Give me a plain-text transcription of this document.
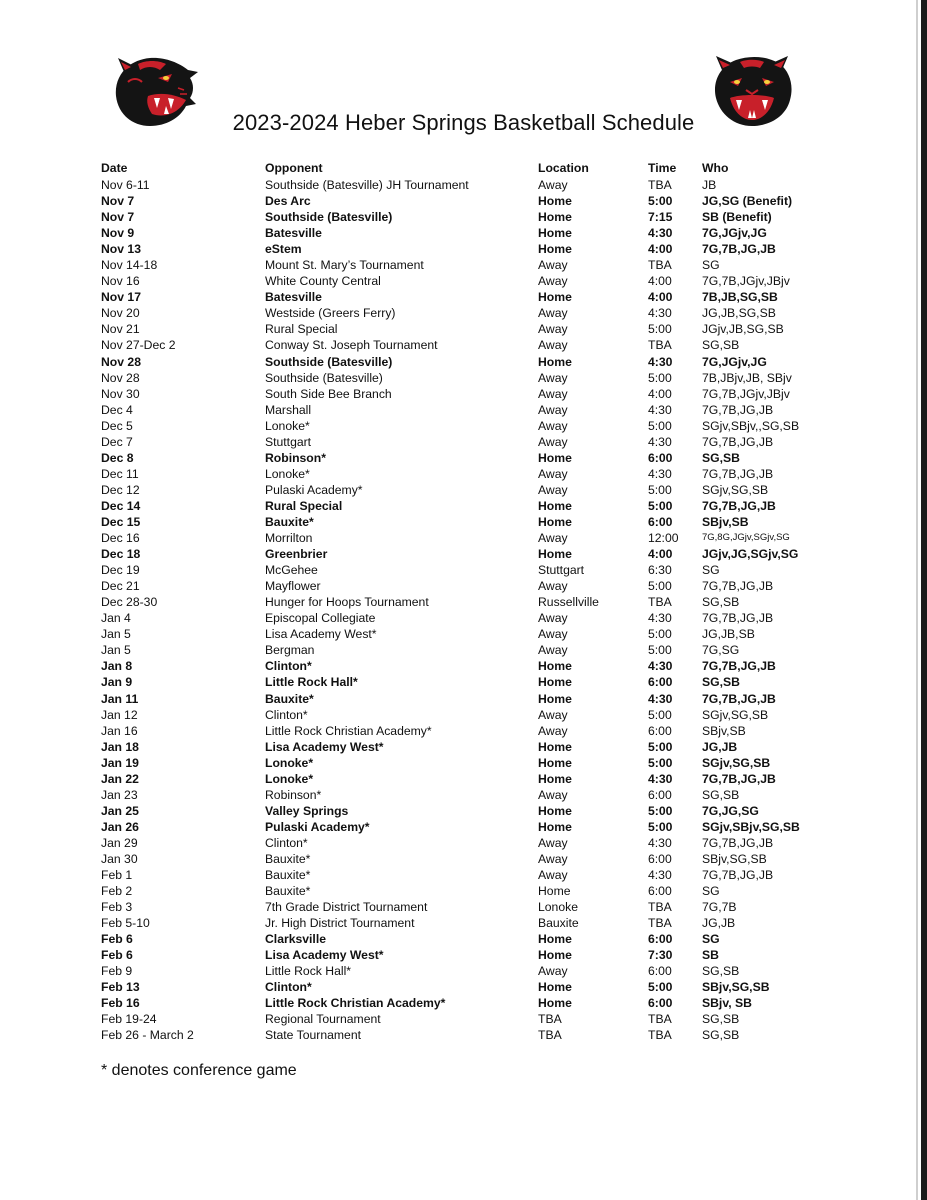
2023-2024 Heber Springs Basketball Schedule
Date	Opponent	Location	Time Who
Nov 6-11	Southside (Batesville) JH Tournament	Away	TBA JB
Nov 7	Des Arc	Home	5:00 JG,SG (Benefit)
Nov 7	Southside (Batesville)	Home	7:15 SB (Benefit)
Nov 9	Batesville	Home	4:30 7G,JGjv,JG
Nov 13	eStem	Home	4:00 7G,7B,JG,JB
Nov 14-18	Mount St. Mary’s Tournament	Away	TBA SG
Nov 16	White County Central	Away	4:00 7G,7B,JGjv,JBjv
Nov 17	Batesville	Home	4:00 7B,JB,SG,SB
Nov 20	Westside (Greers Ferry)	Away	4:30 JG,JB,SG,SB
Nov 21	Rural Special	Away	5:00 JGjv,JB,SG,SB
Nov 27-Dec 2	Conway St. Joseph Tournament	Away	TBA SG,SB
Nov 28	Southside (Batesville)	Home	4:30 7G,JGjv,JG
Nov 28	Southside (Batesville)	Away	5:00 7B,JBjv,JB, SBjv
Nov 30	South Side Bee Branch	Away	4:00 7G,7B,JGjv,JBjv
Dec 4	Marshall	Away	4:30 7G,7B,JG,JB
Dec 5	Lonoke*	Away	5:00 SGjv,SBjv,,SG,SB
Dec 7	Stuttgart	Away	4:30 7G,7B,JG,JB
Dec 8	Robinson*	Home	6:00 SG,SB
Dec 11	Lonoke*	Away	4:30 7G,7B,JG,JB
Dec 12	Pulaski Academy*	Away	5:00 SGjv,SG,SB
Dec 14	Rural Special	Home	5:00 7G,7B,JG,JB
Dec 15	Bauxite*	Home	6:00 SBjv,SB
Dec 16	Morrilton	Away	12:00 7G,8G,JGjv,SGjv,SG
Dec 18	Greenbrier	Home	4:00 JGjv,JG,SGjv,SG
Dec 19	McGehee	Stuttgart	6:30 SG
Dec 21	Mayflower	Away	5:00 7G,7B,JG,JB
Dec 28-30	Hunger for Hoops Tournament	Russellville	TBA SG,SB
Jan 4	Episcopal Collegiate	Away	4:30 7G,7B,JG,JB
Jan 5	Lisa Academy West*	Away	5:00 JG,JB,SB
Jan 5	Bergman	Away	5:00 7G,SG
Jan 8	Clinton*	Home	4:30 7G,7B,JG,JB
Jan 9	Little Rock Hall*	Home	6:00 SG,SB
Jan 11	Bauxite*	Home	4:30 7G,7B,JG,JB
Jan 12	Clinton*	Away	5:00 SGjv,SG,SB
Jan 16	Little Rock Christian Academy*	Away	6:00 SBjv,SB
Jan 18	Lisa Academy West*	Home	5:00 JG,JB
Jan 19	Lonoke*	Home	5:00 SGjv,SG,SB
Jan 22	Lonoke*	Home	4:30 7G,7B,JG,JB
Jan 23	Robinson*	Away	6:00 SG,SB
Jan 25	Valley Springs	Home	5:00 7G,JG,SG
Jan 26	Pulaski Academy*	Home	5:00 SGjv,SBjv,SG,SB
Jan 29	Clinton*	Away	4:30 7G,7B,JG,JB
Jan 30	Bauxite*	Away	6:00 SBjv,SG,SB
Feb 1	Bauxite*	Away	4:30 7G,7B,JG,JB
Feb 2	Bauxite*	Home	6:00 SG
Feb 3	7th Grade District Tournament	Lonoke	TBA 7G,7B
Feb 5-10	Jr. High District Tournament	Bauxite	TBA JG,JB
Feb 6	Clarksville	Home	6:00 SG
Feb 6	Lisa Academy West*	Home	7:30 SB
Feb 9	Little Rock Hall*	Away	6:00 SG,SB
Feb 13	Clinton*	Home	5:00 SBjv,SG,SB
Feb 16	Little Rock Christian Academy*	Home	6:00 SBjv, SB
Feb 19-24	Regional Tournament	TBA	TBA SG,SB
Feb 26 - March 2	State Tournament	TBA	TBA SG,SB
* denotes conference game
